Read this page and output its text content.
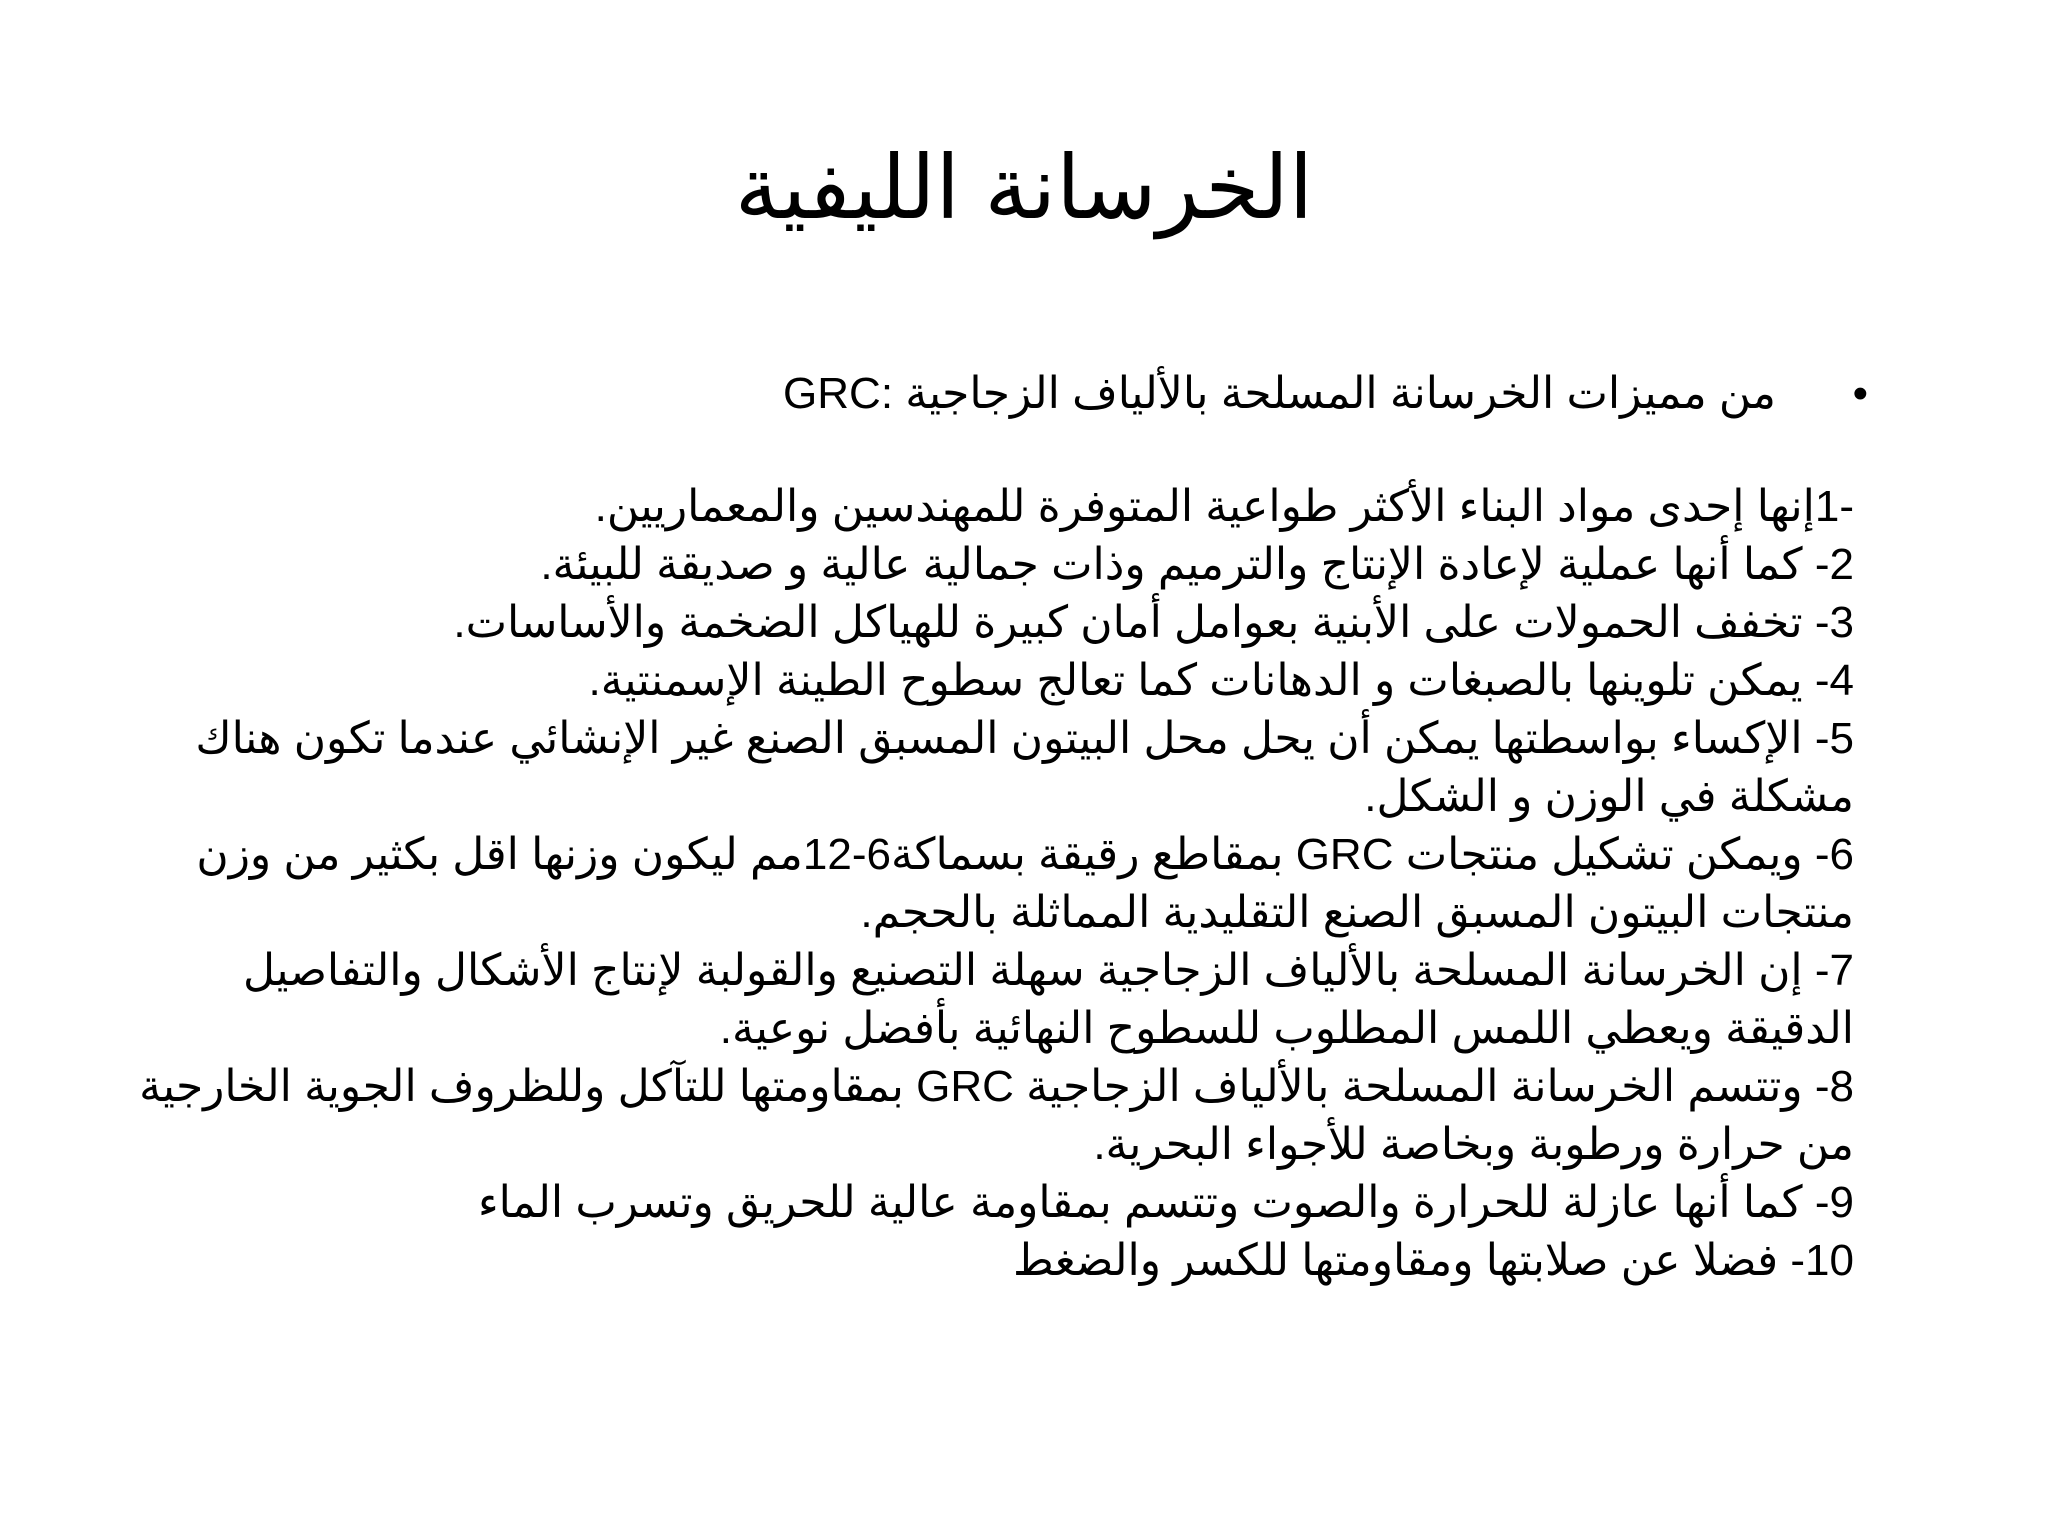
الخرسانة الليفية
•
من مميزات الخرسانة المسلحة بالألياف الزجاجية :GRC
-1إنها إحدى مواد البناء الأكثر طواعية المتوفرة للمهندسين والمعماريين.
2- كما أنها عملية لإعادة الإنتاج والترميم وذات جمالية عالية و صديقة للبيئة.
3- تخفف الحمولات على الأبنية بعوامل أمان كبيرة للهياكل الضخمة والأساسات.
4- يمكن تلوينها بالصبغات و الدهانات كما تعالج سطوح الطينة الإسمنتية.
5- الإكساء بواسطتها يمكن أن يحل محل البيتون المسبق الصنع غير الإنشائي عندما تكون هناك مشكلة في الوزن و الشكل.
6- ويمكن تشكيل منتجات GRC بمقاطع رقيقة بسماكة6-12مم ليكون وزنها اقل بكثير من وزن منتجات البيتون المسبق الصنع التقليدية المماثلة بالحجم.
7- إن الخرسانة المسلحة بالألياف الزجاجية سهلة التصنيع والقولبة لإنتاج الأشكال والتفاصيل الدقيقة ويعطي اللمس المطلوب للسطوح النهائية بأفضل نوعية.
8- وتتسم الخرسانة المسلحة بالألياف الزجاجية GRC بمقاومتها للتآكل وللظروف الجوية الخارجية من حرارة ورطوبة وبخاصة للأجواء البحرية.
9- كما أنها عازلة للحرارة والصوت وتتسم بمقاومة عالية للحريق وتسرب الماء
10- فضلا عن صلابتها ومقاومتها للكسر والضغط
